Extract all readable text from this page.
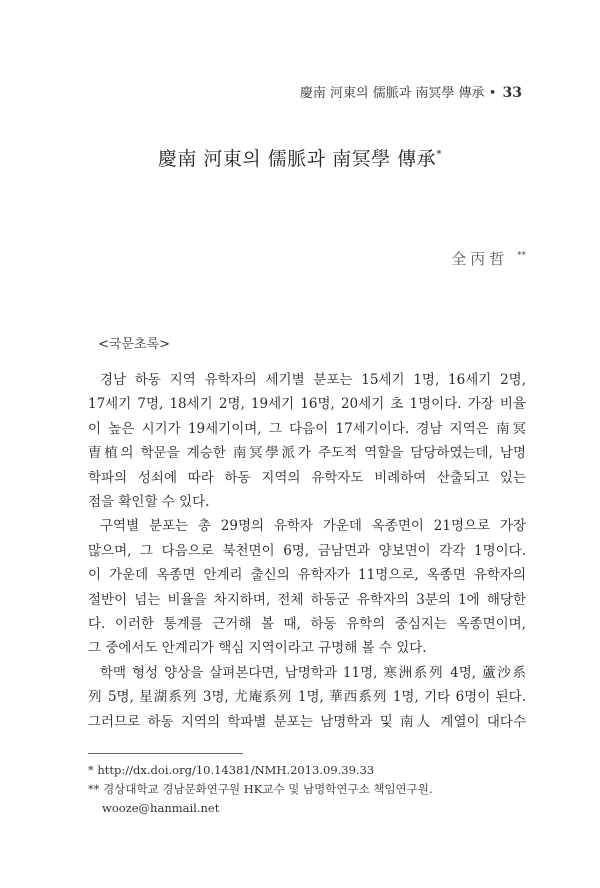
慶南 河東의 儒脈과 南冥學 傳承 • 33
慶南 河東의 儒脈과 南冥學 傳承*
全丙哲 **
<국문초록>
경남 하동 지역 유학자의 세기별 분포는 15세기 1명, 16세기 2명,
17세기 7명, 18세기 2명, 19세기 16명, 20세기 초 1명이다. 가장 비율
이 높은 시기가 19세기이며, 그 다음이 17세기이다. 경남 지역은 南冥
曺植의 학문을 계승한 南冥學派가 주도적 역할을 담당하였는데, 남명
학파의 성쇠에 따라 하동 지역의 유학자도 비례하여 산출되고 있는
점을 확인할 수 있다.
구역별 분포는 총 29명의 유학자 가운데 옥종면이 21명으로 가장
많으며, 그 다음으로 북천면이 6명, 금남면과 양보면이 각각 1명이다.
이 가운데 옥종면 안계리 출신의 유학자가 11명으로, 옥종면 유학자의
절반이 넘는 비율을 차지하며, 전체 하동군 유학자의 3분의 1에 해당한
다. 이러한 통계를 근거해 볼 때, 하동 유학의 중심지는 옥종면이며,
그 중에서도 안계리가 핵심 지역이라고 규명해 볼 수 있다.
학맥 형성 양상을 살펴본다면, 남명학과 11명, 寒洲系列 4명, 蘆沙系
列 5명, 星湖系列 3명, 尤庵系列 1명, 華西系列 1명, 기타 6명이 된다.
그러므로 하동 지역의 학파별 분포는 남명학과 및 南人 계열이 대다수
* http://dx.doi.org/10.14381/NMH.2013.09.39.33
** 경상대학교 경남문화연구원 HK교수 및 남명학연구소 책임연구원.
wooze@hanmail.net
